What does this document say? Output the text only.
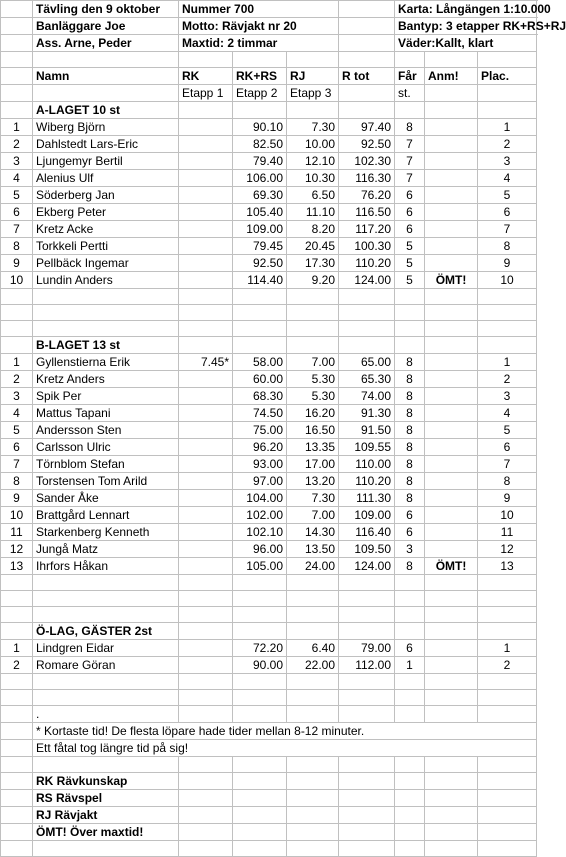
	Tävling den 9 oktober	Nummer 700				Karta: Långängen 1:10.000		
	Banläggare Joe	Motto: Rävjakt nr 20				Bantyp: 3 etapper RK+RS+RJ		
	Ass. Arne, Peder	Maxtid: 2 timmar				Väder:Kallt, klart		

	Namn	RK	RK+RS	RJ	R tot	Får	Anm!	Plac.
		Etapp 1	Etapp 2	Etapp 3		st.		
	A-LAGET 10 st							
1	Wiberg Björn		90.10	7.30	97.40	8		1
2	Dahlstedt Lars-Eric		82.50	10.00	92.50	7		2
3	Ljungemyr Bertil		79.40	12.10	102.30	7		3
4	Alenius Ulf		106.00	10.30	116.30	7		4
5	Söderberg Jan		69.30	6.50	76.20	6		5
6	Ekberg Peter		105.40	11.10	116.50	6		6
7	Kretz Acke		109.00	8.20	117.20	6		7
8	Torkkeli Pertti		79.45	20.45	100.30	5		8
9	Pellbäck Ingemar		92.50	17.30	110.20	5		9
10	Lundin Anders		114.40	9.20	124.00	5	ÖMT!	10

	B-LAGET 13 st							
1	Gyllenstierna Erik	7.45*	58.00	7.00	65.00	8		1
2	Kretz Anders		60.00	5.30	65.30	8		2
3	Spik Per		68.30	5.30	74.00	8		3
4	Mattus Tapani		74.50	16.20	91.30	8		4
5	Andersson Sten		75.00	16.50	91.50	8		5
6	Carlsson Ulric		96.20	13.35	109.55	8		6
7	Törnblom Stefan		93.00	17.00	110.00	8		7
8	Torstensen Tom Arild		97.00	13.20	110.20	8		8
9	Sander Åke		104.00	7.30	111.30	8		9
10	Brattgård Lennart		102.00	7.00	109.00	6		10
11	Starkenberg Kenneth		102.10	14.30	116.40	6		11
12	Jungå Matz		96.00	13.50	109.50	3		12
13	Ihrfors Håkan		105.00	24.00	124.00	8	ÖMT!	13

	Ö-LAG, GÄSTER 2st							
1	Lindgren Eidar		72.20	6.40	79.00	6		1
2	Romare Göran		90.00	22.00	112.00	1		2

	.							
	* Kortaste tid! De flesta löpare hade tider mellan 8-12 minuter.							
	Ett fåtal tog längre tid på sig!							

	RK Rävkunskap							
	RS Rävspel							
	RJ Rävjakt							
	ÖMT! Över maxtid!							
